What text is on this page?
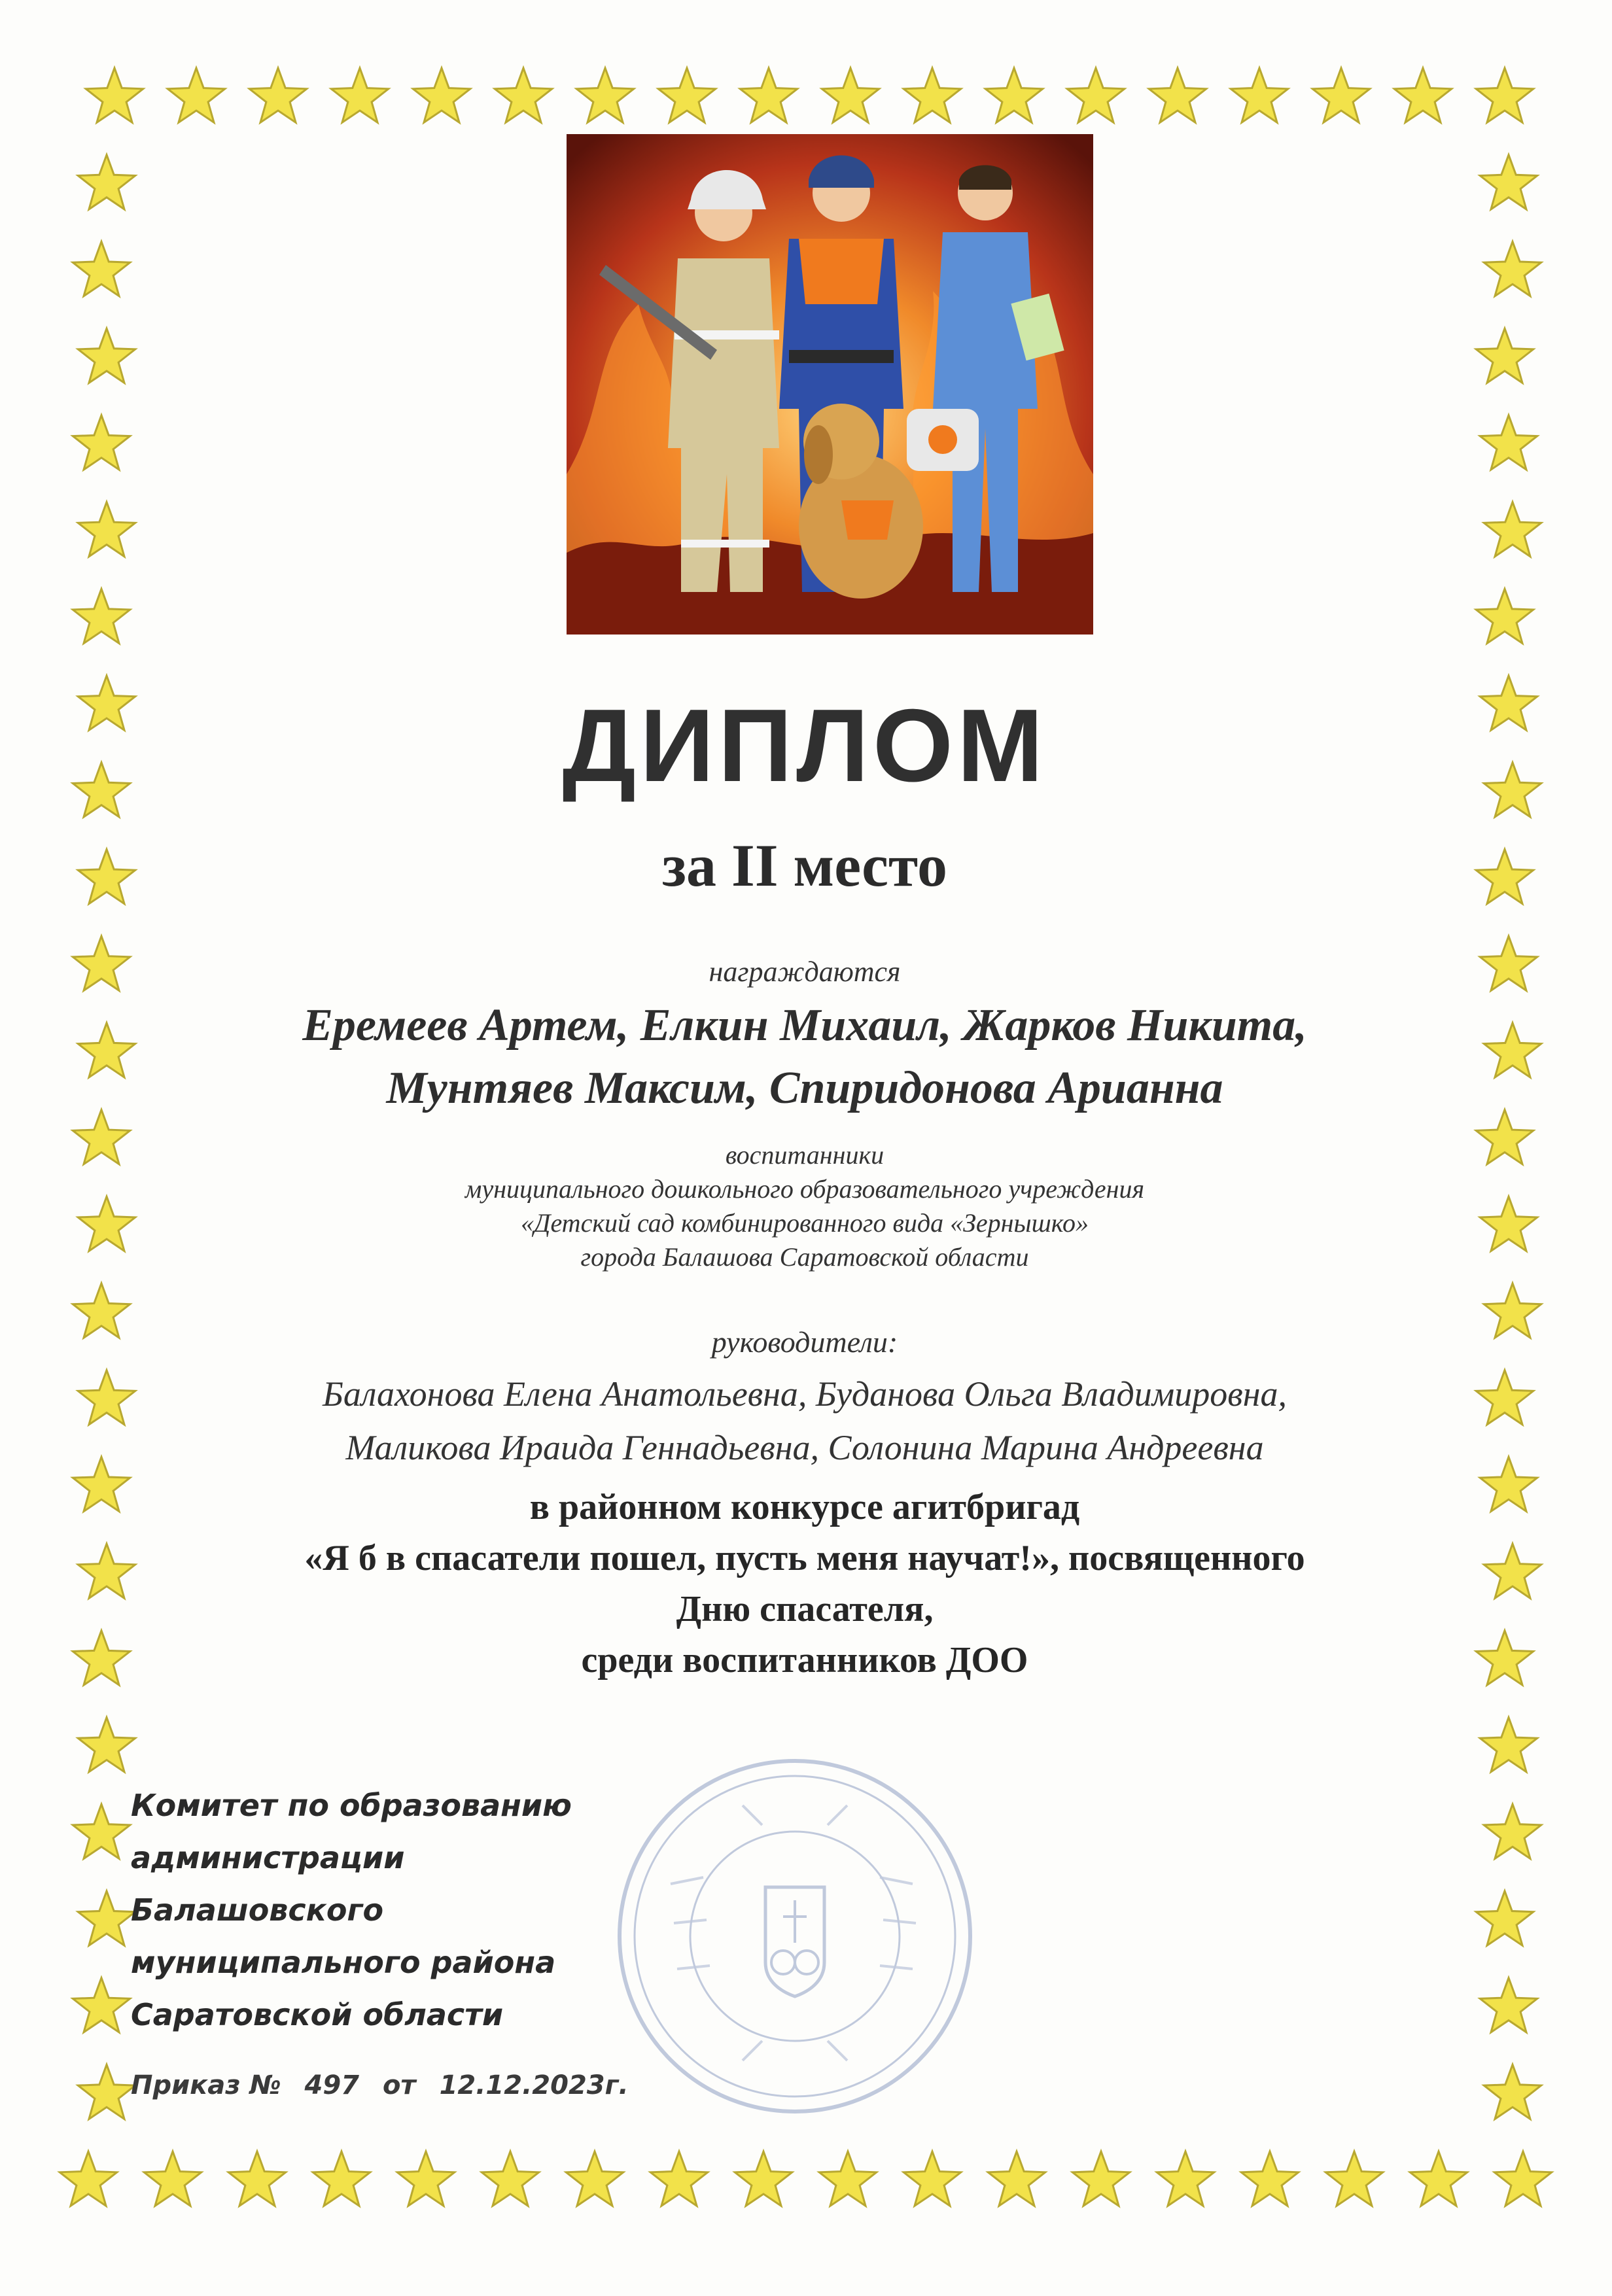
ДИПЛОМ
за II место
награждаются
Еремеев Артем, Елкин Михаил, Жарков Никита,
Мунтяев Максим, Спиридонова Арианна
воспитанники
муниципального дошкольного образовательного учреждения
«Детский сад комбинированного вида «Зернышко»
города Балашова Саратовской области
руководители:
Балахонова Елена Анатольевна, Буданова Ольга Владимировна,
Маликова Ираида Геннадьевна, Солонина Марина Андреевна
в районном конкурсе агитбригад
«Я б в спасатели пошел, пусть меня научат!», посвященного
Дню спасателя,
среди воспитанников ДОО
Комитет по образованию
администрации Балашовского
муниципального района
Саратовской области
Приказ № 497 от 12.12.2023г.
